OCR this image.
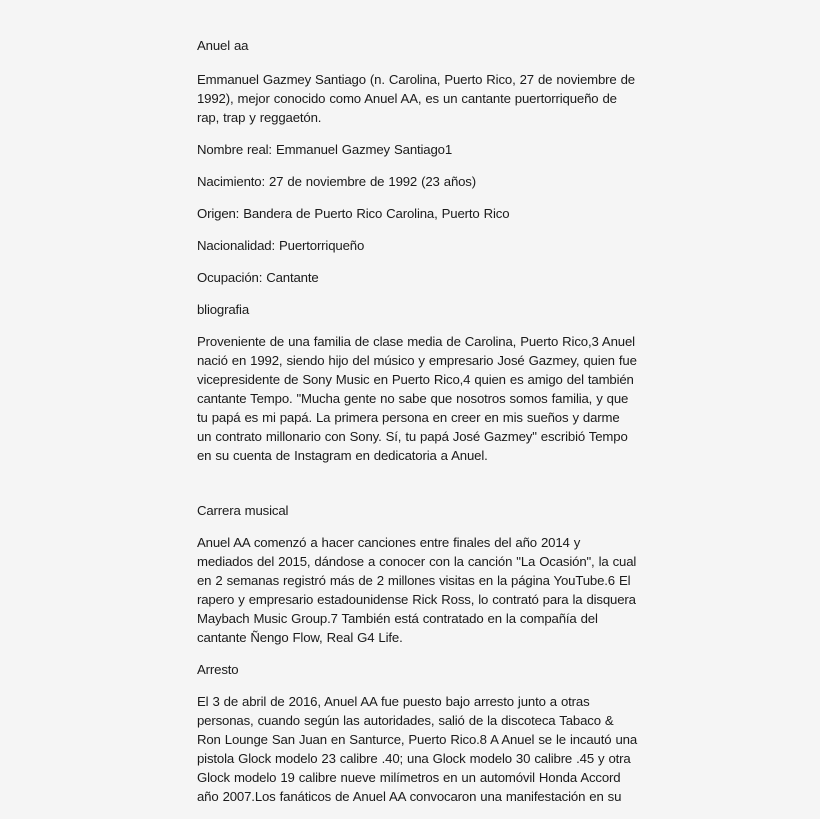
Anuel aa

Emmanuel Gazmey Santiago (n. Carolina, Puerto Rico, 27 de noviembre de 1992), mejor conocido como Anuel AA, es un cantante puertorriqueño de rap, trap y reggaetón.

Nombre real: Emmanuel Gazmey Santiago1
Nacimiento: 27 de noviembre de 1992 (23 años)
Origen: Bandera de Puerto Rico Carolina, Puerto Rico
Nacionalidad: Puertorriqueño
Ocupación: Cantante

bliografia

Proveniente de una familia de clase media de Carolina, Puerto Rico,3 Anuel nació en 1992, siendo hijo del músico y empresario José Gazmey, quien fue vicepresidente de Sony Music en Puerto Rico,4 quien es amigo del también cantante Tempo. "Mucha gente no sabe que nosotros somos familia, y que tu papá es mi papá. La primera persona en creer en mis sueños y darme un contrato millonario con Sony. Sí, tu papá José Gazmey" escribió Tempo en su cuenta de Instagram en dedicatoria a Anuel.

Carrera musical

Anuel AA comenzó a hacer canciones entre finales del año 2014 y mediados del 2015, dándose a conocer con la canción "La Ocasión", la cual en 2 semanas registró más de 2 millones visitas en la página YouTube.6 El rapero y empresario estadounidense Rick Ross, lo contrató para la disquera Maybach Music Group.7 También está contratado en la compañía del cantante Ñengo Flow, Real G4 Life.

Arresto

El 3 de abril de 2016, Anuel AA fue puesto bajo arresto junto a otras personas, cuando según las autoridades, salió de la discoteca Tabaco & Ron Lounge San Juan en Santurce, Puerto Rico.8 A Anuel se le incautó una pistola Glock modelo 23 calibre .40; una Glock modelo 30 calibre .45 y otra Glock modelo 19 calibre nueve milímetros en un automóvil Honda Accord año 2007.Los fanáticos de Anuel AA convocaron una manifestación en su
